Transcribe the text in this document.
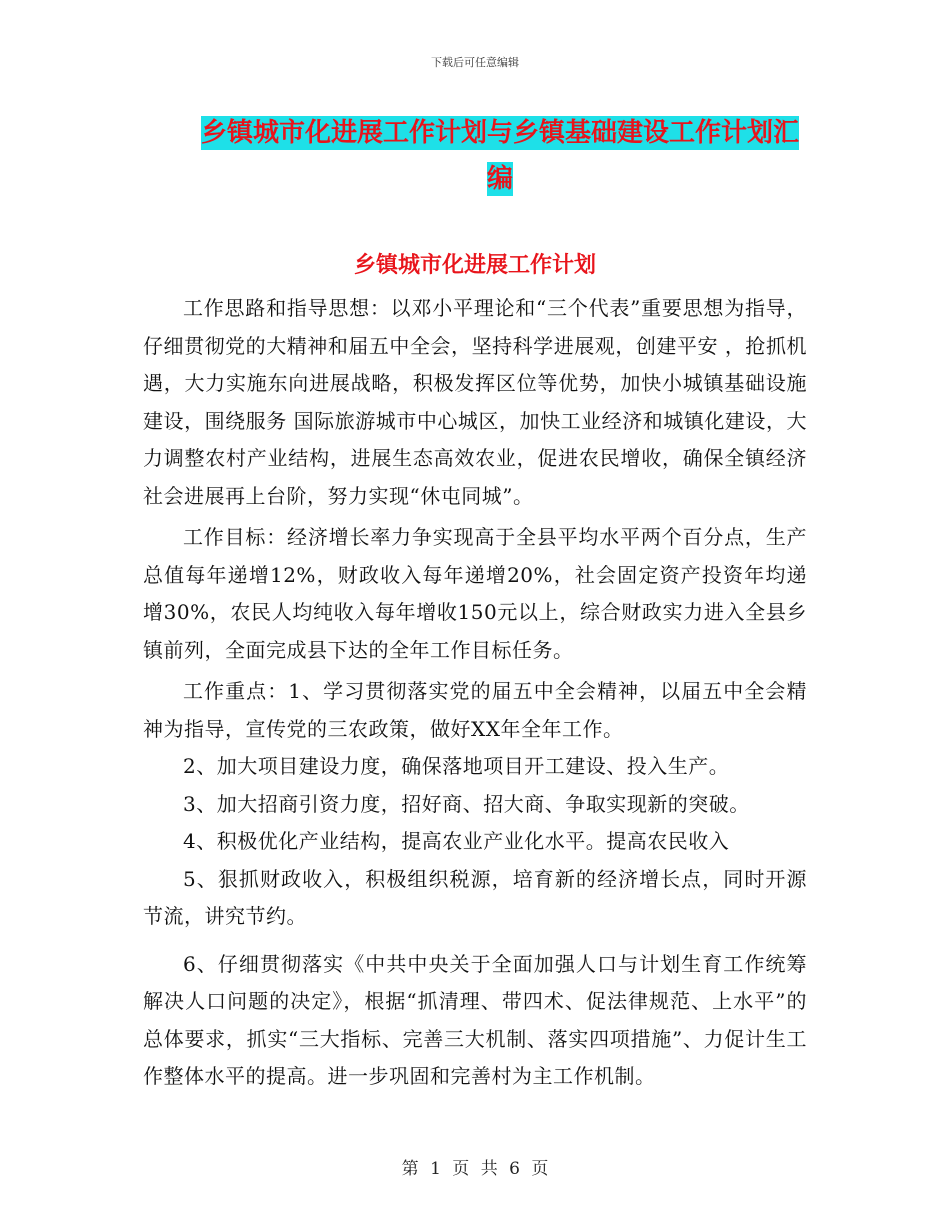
下载后可任意编辑
乡镇城市化进展工作计划与乡镇基础建设工作计划汇编
乡镇城市化进展工作计划

工作思路和指导思想：以邓小平理论和“三个代表”重要思想为指导，仔细贯彻党的大精神和届五中全会，坚持科学进展观，创建平安 ，抢抓机遇，大力实施东向进展战略，积极发挥区位等优势，加快小城镇基础设施建设，围绕服务 国际旅游城市中心城区，加快工业经济和城镇化建设，大力调整农村产业结构，进展生态高效农业，促进农民增收，确保全镇经济社会进展再上台阶，努力实现“休屯同城”。

工作目标：经济增长率力争实现高于全县平均水平两个百分点，生产总值每年递增12%，财政收入每年递增20%，社会固定资产投资年均递增30%，农民人均纯收入每年增收150元以上，综合财政实力进入全县乡镇前列，全面完成县下达的全年工作目标任务。

工作重点：1、学习贯彻落实党的届五中全会精神，以届五中全会精神为指导，宣传党的三农政策，做好XX年全年工作。

2、加大项目建设力度，确保落地项目开工建设、投入生产。

3、加大招商引资力度，招好商、招大商、争取实现新的突破。

4、积极优化产业结构，提高农业产业化水平。提高农民收入

5、狠抓财政收入，积极组织税源，培育新的经济增长点，同时开源节流，讲究节约。

6、仔细贯彻落实《中共中央关于全面加强人口与计划生育工作统筹解决人口问题的决定》，根据“抓清理、带四术、促法律规范、上水平”的总体要求，抓实“三大指标、完善三大机制、落实四项措施”、力促计生工作整体水平的提高。进一步巩固和完善村为主工作机制。

第 1 页 共 6 页
